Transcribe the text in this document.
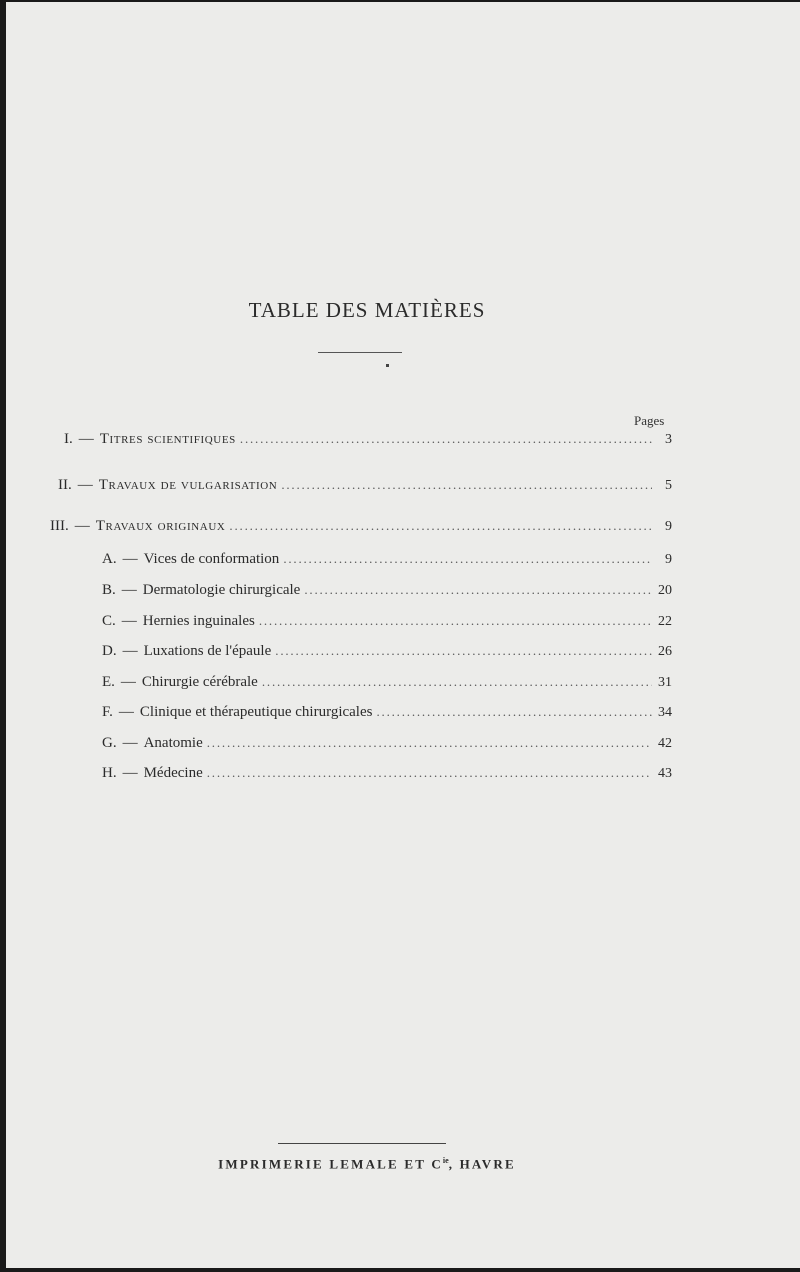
TABLE DES MATIÈRES
Pages
I. — Titres scientifiques .....	3
II. — Travaux de vulgarisation .....	5
III. — Travaux originaux .....	9
A. — Vices de conformation .....	9
B. — Dermatologie chirurgicale .....	20
C. — Hernies inguinales .....	22
D. — Luxations de l'épaule .....	26
E. — Chirurgie cérébrale .....	31
F. — Clinique et thérapeutique chirurgicales .....	34
G. — Anatomie .....	42
H. — Médecine .....	43
IMPRIMERIE LEMALE ET $C^{ie}$, HAVRE
